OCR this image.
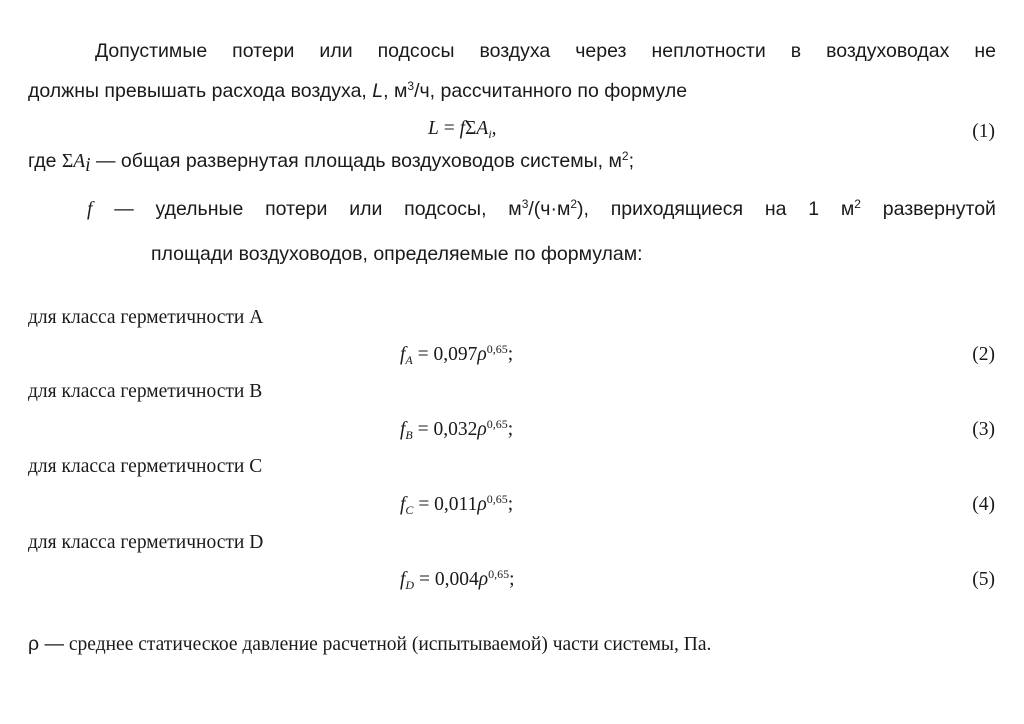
Допустимые потери или подсосы воздуха через неплотности в воздуховодах не
должны превышать расхода воздуха, L, $м^3/ч$, рассчитанного по формуле
L = fΣA$_i$,	(1)
где $\Sigma A_i$ — общая развернутая площадь воздуховодов системы, $м^2$;
f — удельные потери или подсосы, $м^3/(ч\cdot м^2)$, приходящиеся на 1 $м^2$ развернутой
площади воздуховодов, определяемые по формулам:
для класса герметичности A
$f_A = 0,097\rho^{0,65}$;	(2)
для класса герметичности B
$f_B = 0,032\rho^{0,65}$;	(3)
для класса герметичности C
$f_C = 0,011\rho^{0,65}$;	(4)
для класса герметичности D
$f_D = 0,004\rho^{0,65}$;	(5)
ρ — среднее статическое давление расчетной (испытываемой) части системы, Па.
